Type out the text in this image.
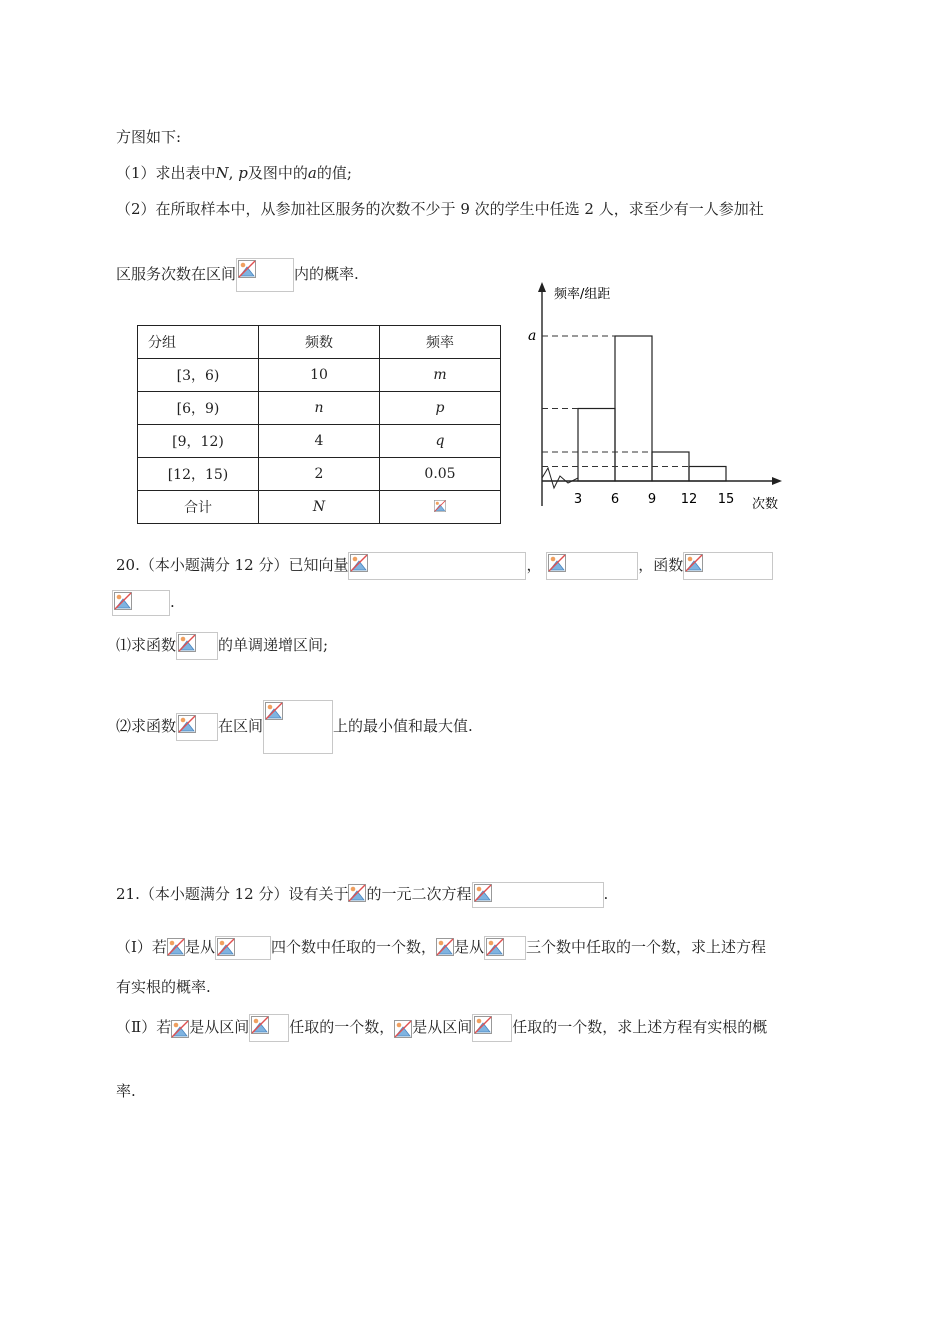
方图如下:
（1）求出表中N, p及图中的a的值;
（2）在所取样本中，从参加社区服务的次数不少于 9 次的学生中任选 2 人，求至少有一人参加社
区服务次数在区间	内的概率.
分组	频数	频率
[3，6)	10	m
[6，9)	n	p
[9，12)	4	q
[12，15)	2	0.05
合计	N	
频率/组距
a
次数
3 6 9 12 15
20.（本小题满分 12 分）已知向量	，	，函数
.
⑴求函数	的单调递增区间;
⑵求函数	在区间	上的最小值和最大值.
21.（本小题满分 12 分）设有关于 的一元二次方程	.
（Ⅰ）若 是从	四个数中任取的一个数， 是从	三个数中任取的一个数，求上述方程
有实根的概率.
（Ⅱ）若 是从区间	任取的一个数， 是从区间	任取的一个数，求上述方程有实根的概
率.
